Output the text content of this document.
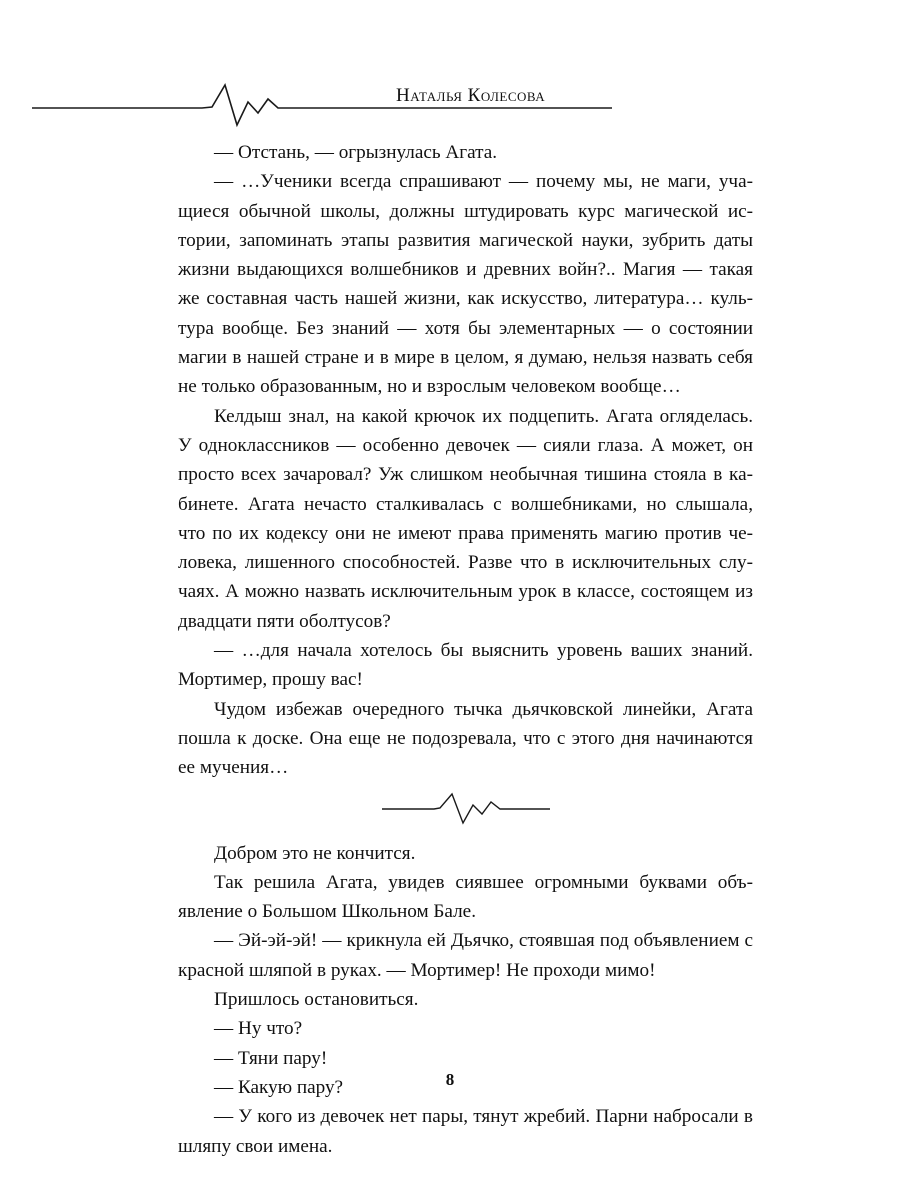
Наталья Колесова

— Отстань, — огрызнулась Агата.

— …Ученики всегда спрашивают — почему мы, не маги, учащиеся обычной школы, должны штудировать курс магической истории, запоминать этапы развития магической науки, зубрить даты жизни выдающихся волшебников и древних войн?.. Магия — такая же составная часть нашей жизни, как искусство, литература… культура вообще. Без знаний — хотя бы элементарных — о состоянии магии в нашей стране и в мире в целом, я думаю, нельзя назвать себя не только образованным, но и взрослым человеком вообще…

Келдыш знал, на какой крючок их подцепить. Агата огляделась. У одноклассников — особенно девочек — сияли глаза. А может, он просто всех зачаровал? Уж слишком необычная тишина стояла в кабинете. Агата нечасто сталкивалась с волшебниками, но слышала, что по их кодексу они не имеют права применять магию против человека, лишенного способностей. Разве что в исключительных случаях. А можно назвать исключительным урок в классе, состоящем из двадцати пяти оболтусов?

— …для начала хотелось бы выяснить уровень ваших знаний. Мортимер, прошу вас!

Чудом избежав очередного тычка дьячковской линейки, Агата пошла к доске. Она еще не подозревала, что с этого дня начинаются ее мучения…

Добром это не кончится.

Так решила Агата, увидев сиявшее огромными буквами объявление о Большом Школьном Бале.

— Эй-эй-эй! — крикнула ей Дьячко, стоявшая под объявлением с красной шляпой в руках. — Мортимер! Не проходи мимо!

Пришлось остановиться.

— Ну что?

— Тяни пару!

— Какую пару?

— У кого из девочек нет пары, тянут жребий. Парни набросали в шляпу свои имена.

8
